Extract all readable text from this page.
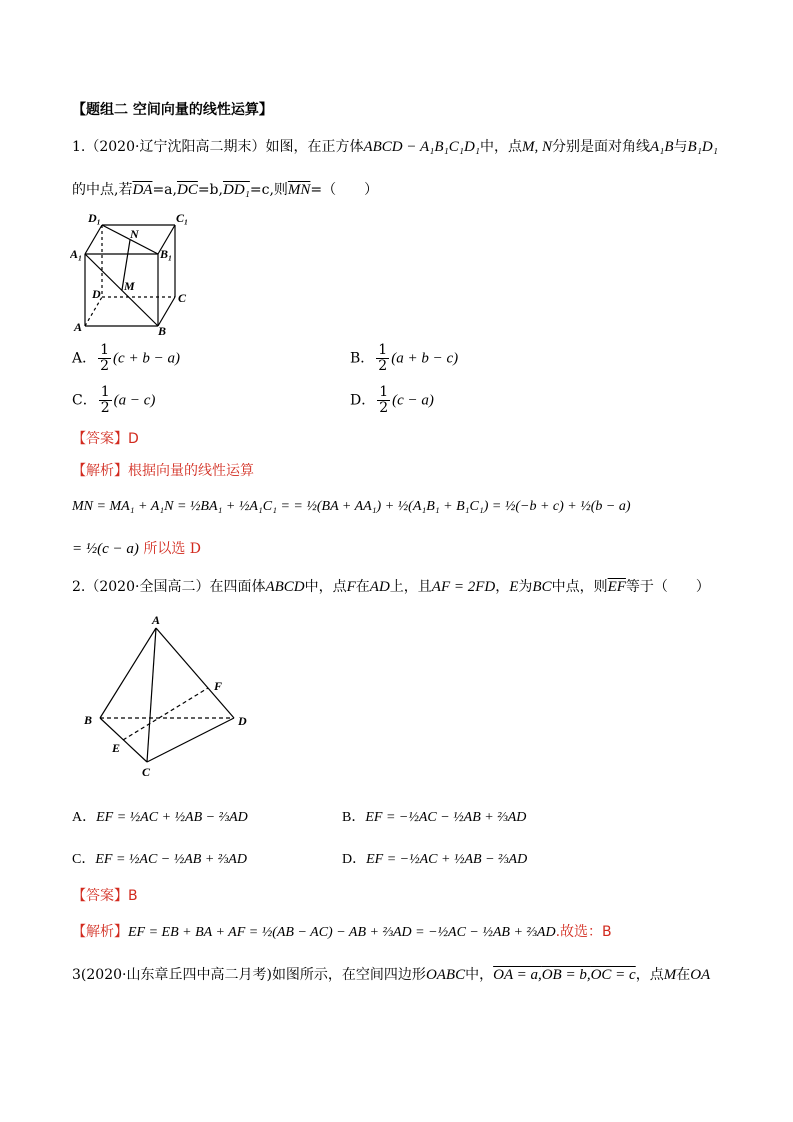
【题组二 空间向量的线性运算】
1.（2020·辽宁沈阳高二期末）如图，在正方体ABCD − A₁B₁C₁D₁中，点M, N分别是面对角线A₁B与B₁D₁
的中点,若$\overline{DA}=a,\overline{DC}=b,DD_1=c$,则$\overline{MN}=$（　　）
D₁	C₁
N
A₁	B₁
D
M
C
A	B
A． $\frac{1}{2} (c + b - a)$	B． $\frac{1}{2} (a + b - c)$
C． $\frac{1}{2} (a - c)$	D． $\frac{1}{2} (c - a)$
【答案】D
【解析】根据向量的线性运算
MN = MA₁ + A₁N = ½BA₁ + ½A₁C₁ = = ½(BA + AA₁) + ½(A₁B₁ + B₁C₁) = ½(−b + c) + ½(b − a)
= ½(c − a) 所以选 D
2.（2020·全国高二）在四面体ABCD中，点F在AD上，且AF = 2FD，E为BC中点，则$\overline{EF}$等于（　　）
A
F
B	D
E
C
A．EF = ½AC + ½AB − ⅔AD	B．EF = −½AC − ½AB + ⅔AD
C．EF = ½AC − ½AB + ⅔AD	D．EF = −½AC + ½AB − ⅔AD
【答案】B
【解析】EF = EB + BA + AF = ½(AB − AC) − AB + ⅔AD = −½AC − ½AB + ⅔AD.故选：B
3(2020·山东章丘四中高二月考)如图所示，在空间四边形OABC中，OA = a,OB = b,OC = c，点M在OA
